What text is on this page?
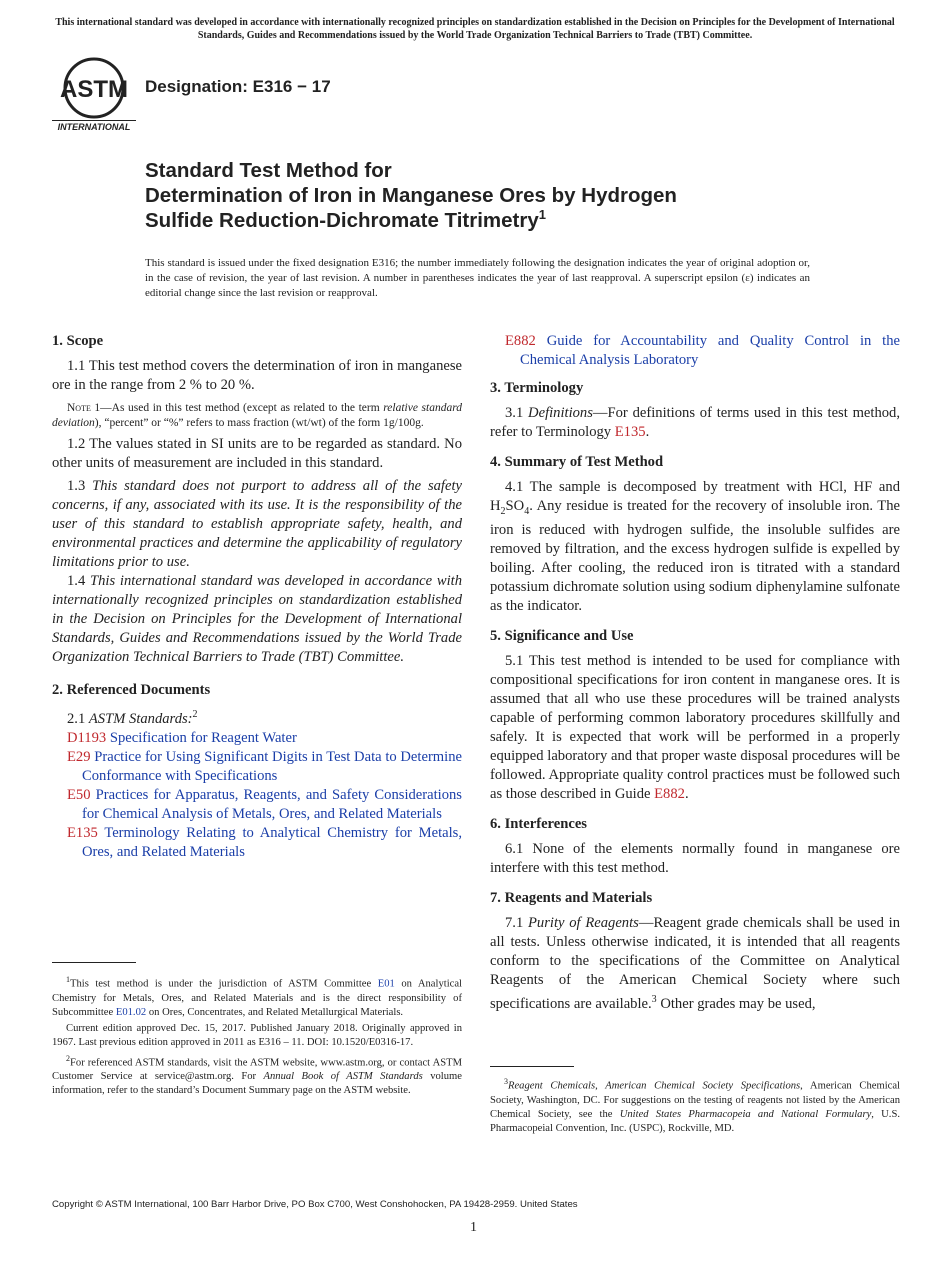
This international standard was developed in accordance with internationally recognized principles on standardization established in the Decision on Principles for the Development of International Standards, Guides and Recommendations issued by the World Trade Organization Technical Barriers to Trade (TBT) Committee.
ASTM
INTERNATIONAL
Designation: E316 − 17
Standard Test Method for
Determination of Iron in Manganese Ores by Hydrogen
Sulfide Reduction-Dichromate Titrimetry$^1$
This standard is issued under the fixed designation E316; the number immediately following the designation indicates the year of original adoption or, in the case of revision, the year of last revision. A number in parentheses indicates the year of last reapproval. A superscript epsilon (ε) indicates an editorial change since the last revision or reapproval.

1. Scope

1.1 This test method covers the determination of iron in manganese ore in the range from 2 % to 20 %.

Note 1—As used in this test method (except as related to the term relative standard deviation), “percent” or “%” refers to mass fraction (wt/wt) of the form 1g/100g.

1.2 The values stated in SI units are to be regarded as standard. No other units of measurement are included in this standard.

1.3 This standard does not purport to address all of the safety concerns, if any, associated with its use. It is the responsibility of the user of this standard to establish appropriate safety, health, and environmental practices and determine the applicability of regulatory limitations prior to use.

1.4 This international standard was developed in accordance with internationally recognized principles on standardization established in the Decision on Principles for the Development of International Standards, Guides and Recommendations issued by the World Trade Organization Technical Barriers to Trade (TBT) Committee.

2. Referenced Documents

2.1 ASTM Standards:$^2$

D1193 Specification for Reagent Water

E29 Practice for Using Significant Digits in Test Data to Determine Conformance with Specifications

E50 Practices for Apparatus, Reagents, and Safety Considerations for Chemical Analysis of Metals, Ores, and Related Materials

E135 Terminology Relating to Analytical Chemistry for Metals, Ores, and Related Materials

$^1$This test method is under the jurisdiction of ASTM Committee E01 on Analytical Chemistry for Metals, Ores, and Related Materials and is the direct responsibility of Subcommittee E01.02 on Ores, Concentrates, and Related Metallurgical Materials.

Current edition approved Dec. 15, 2017. Published January 2018. Originally approved in 1967. Last previous edition approved in 2011 as E316 – 11. DOI: 10.1520/E0316-17.

$^2$For referenced ASTM standards, visit the ASTM website, www.astm.org, or contact ASTM Customer Service at service@astm.org. For Annual Book of ASTM Standards volume information, refer to the standard’s Document Summary page on the ASTM website.

E882 Guide for Accountability and Quality Control in the Chemical Analysis Laboratory

3. Terminology

3.1 Definitions—For definitions of terms used in this test method, refer to Terminology E135.

4. Summary of Test Method

4.1 The sample is decomposed by treatment with HCl, HF and $H_2SO_4$. Any residue is treated for the recovery of insoluble iron. The iron is reduced with hydrogen sulfide, the insoluble sulfides are removed by filtration, and the excess hydrogen sulfide is expelled by boiling. After cooling, the reduced iron is titrated with a standard potassium dichromate solution using sodium diphenylamine sulfonate as the indicator.

5. Significance and Use

5.1 This test method is intended to be used for compliance with compositional specifications for iron content in manganese ores. It is assumed that all who use these procedures will be trained analysts capable of performing common laboratory procedures skillfully and safely. It is expected that work will be performed in a properly equipped laboratory and that proper waste disposal procedures will be followed. Appropriate quality control practices must be followed such as those described in Guide E882.

6. Interferences

6.1 None of the elements normally found in manganese ore interfere with this test method.

7. Reagents and Materials

7.1 Purity of Reagents—Reagent grade chemicals shall be used in all tests. Unless otherwise indicated, it is intended that all reagents conform to the specifications of the Committee on Analytical Reagents of the American Chemical Society where such specifications are available.$^3$ Other grades may be used,

$^3$Reagent Chemicals, American Chemical Society Specifications, American Chemical Society, Washington, DC. For suggestions on the testing of reagents not listed by the American Chemical Society, see the United States Pharmacopeia and National Formulary, U.S. Pharmacopeial Convention, Inc. (USPC), Rockville, MD.

Copyright © ASTM International, 100 Barr Harbor Drive, PO Box C700, West Conshohocken, PA 19428-2959. United States
1
